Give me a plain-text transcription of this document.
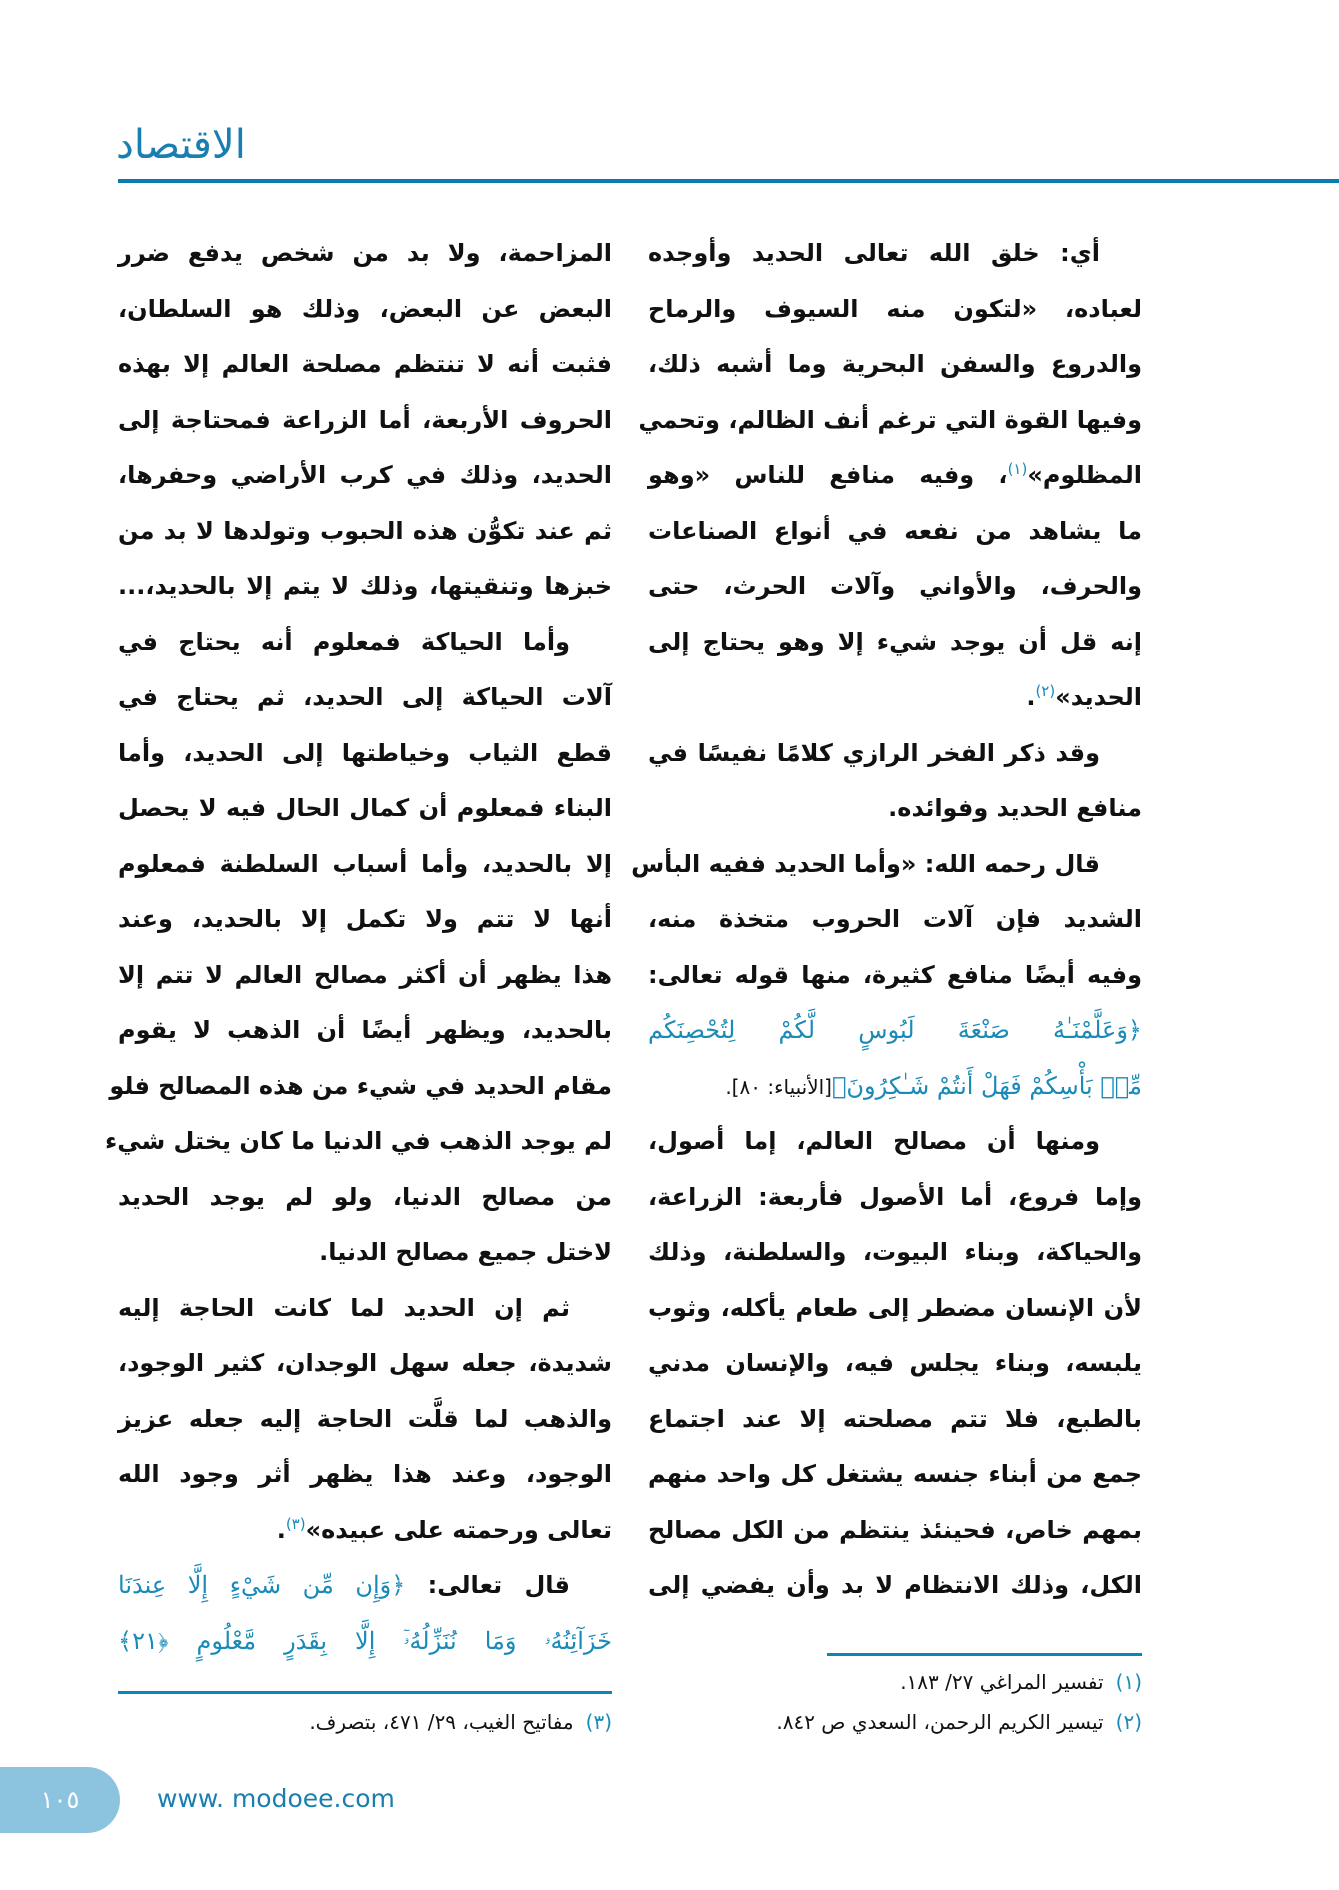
الاقتصاد
أي: خلق الله تعالى الحديد وأوجده
لعباده، «لتكون منه السيوف والرماح
والدروع والسفن البحرية وما أشبه ذلك،
وفيها القوة التي ترغم أنف الظالم، وتحمي
المظلوم»$^{(١)}$، وفيه منافع للناس «وهو
ما يشاهد من نفعه في أنواع الصناعات
والحرف، والأواني وآلات الحرث، حتى
إنه قل أن يوجد شيء إلا وهو يحتاج إلى
الحديد»$^{(٢)}$.
وقد ذكر الفخر الرازي كلامًا نفيسًا في
منافع الحديد وفوائده.
قال رحمه الله: «وأما الحديد ففيه البأس
الشديد فإن آلات الحروب متخذة منه،
وفيه أيضًا منافع كثيرة، منها قوله تعالى:
﴿وَعَلَّمْنَـٰهُ صَنْعَةَ لَبُوسٍ لَّكُمْ لِتُحْصِنَكُم
مِّنۢ بَأْسِكُمْ فَهَلْ أَنتُمْ شَـٰكِرُونَ﴾[الأنبياء: ٨٠].
ومنها أن مصالح العالم، إما أصول،
وإما فروع، أما الأصول فأربعة: الزراعة،
والحياكة، وبناء البيوت، والسلطنة، وذلك
لأن الإنسان مضطر إلى طعام يأكله، وثوب
يلبسه، وبناء يجلس فيه، والإنسان مدني
بالطبع، فلا تتم مصلحته إلا عند اجتماع
جمع من أبناء جنسه يشتغل كل واحد منهم
بمهم خاص، فحينئذ ينتظم من الكل مصالح
الكل، وذلك الانتظام لا بد وأن يفضي إلى
المزاحمة، ولا بد من شخص يدفع ضرر
البعض عن البعض، وذلك هو السلطان،
فثبت أنه لا تنتظم مصلحة العالم إلا بهذه
الحروف الأربعة، أما الزراعة فمحتاجة إلى
الحديد، وذلك في كرب الأراضي وحفرها،
ثم عند تكوُّن هذه الحبوب وتولدها لا بد من
خبزها وتنقيتها، وذلك لا يتم إلا بالحديد،...
وأما الحياكة فمعلوم أنه يحتاج في
آلات الحياكة إلى الحديد، ثم يحتاج في
قطع الثياب وخياطتها إلى الحديد، وأما
البناء فمعلوم أن كمال الحال فيه لا يحصل
إلا بالحديد، وأما أسباب السلطنة فمعلوم
أنها لا تتم ولا تكمل إلا بالحديد، وعند
هذا يظهر أن أكثر مصالح العالم لا تتم إلا
بالحديد، ويظهر أيضًا أن الذهب لا يقوم
مقام الحديد في شيء من هذه المصالح فلو
لم يوجد الذهب في الدنيا ما كان يختل شيء
من مصالح الدنيا، ولو لم يوجد الحديد
لاختل جميع مصالح الدنيا.
ثم إن الحديد لما كانت الحاجة إليه
شديدة، جعله سهل الوجدان، كثير الوجود،
والذهب لما قلَّت الحاجة إليه جعله عزيز
الوجود، وعند هذا يظهر أثر وجود الله
تعالى ورحمته على عبيده»$^{(٣)}$.
قال تعالى: ﴿وَإِن مِّن شَيْءٍ إِلَّا عِندَنَا
خَزَآئِنُهُۥ وَمَا نُنَزِّلُهُۥٓ إِلَّا بِقَدَرٍ مَّعْلُومٍ ﴿٢١﴾
(١)تفسير المراغي ٢٧/ ١٨٣.
(٢)تيسير الكريم الرحمن، السعدي ص ٨٤٢.
(٣)مفاتيح الغيب، ٢٩/ ٤٧١، بتصرف.
١٠٥	www. modoee.com
